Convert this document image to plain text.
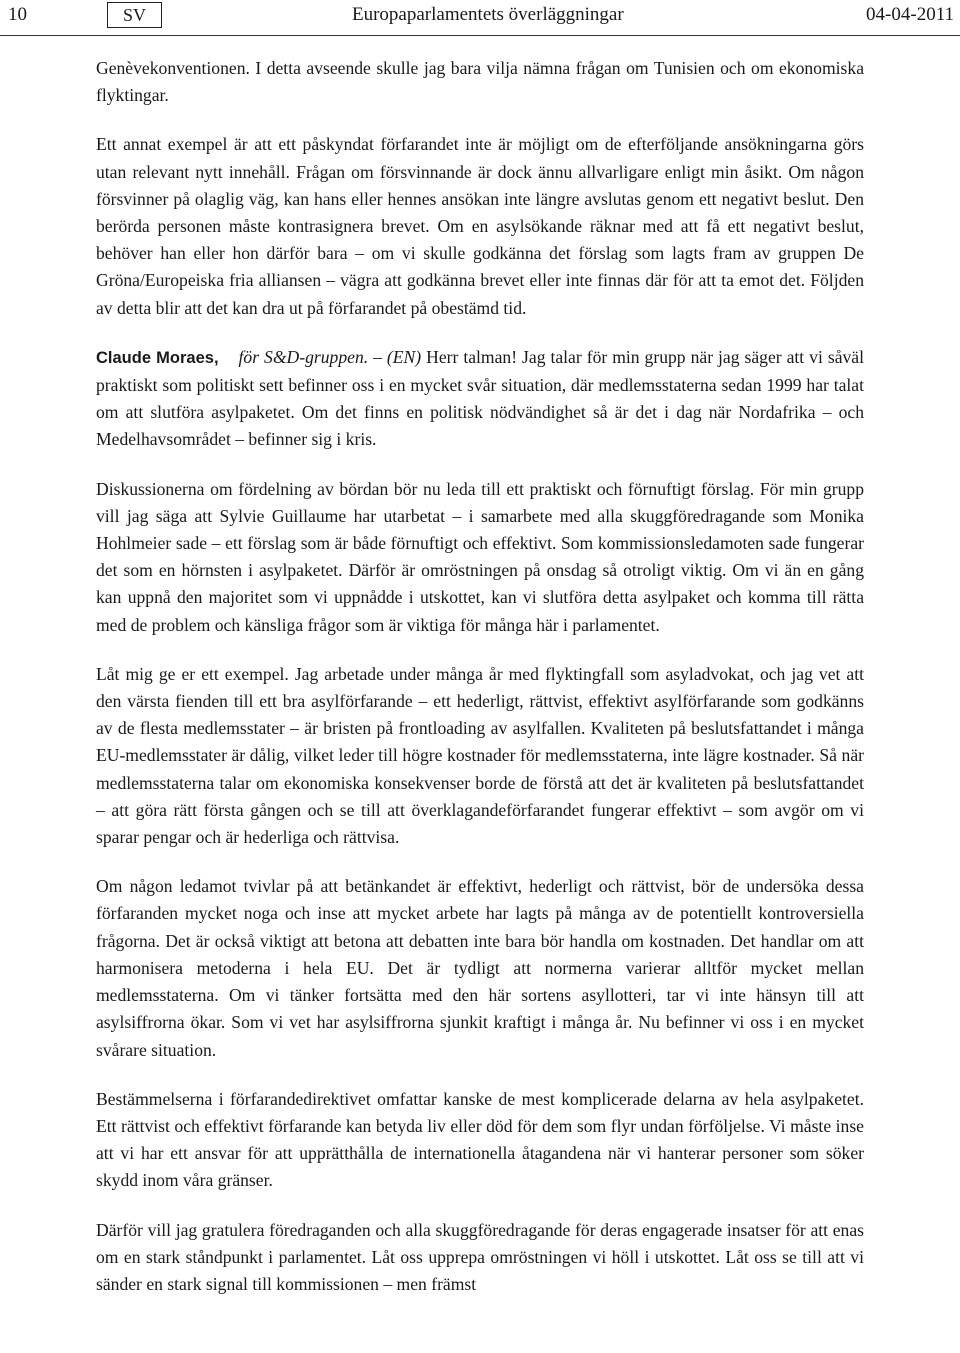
10	SV	Europaparlamentets överläggningar	04-04-2011

Genèvekonventionen. I detta avseende skulle jag bara vilja nämna frågan om Tunisien och om ekonomiska flyktingar.

Ett annat exempel är att ett påskyndat förfarandet inte är möjligt om de efterföljande ansökningarna görs utan relevant nytt innehåll. Frågan om försvinnande är dock ännu allvarligare enligt min åsikt. Om någon försvinner på olaglig väg, kan hans eller hennes ansökan inte längre avslutas genom ett negativt beslut. Den berörda personen måste kontrasignera brevet. Om en asylsökande räknar med att få ett negativt beslut, behöver han eller hon därför bara – om vi skulle godkänna det förslag som lagts fram av gruppen De Gröna/Europeiska fria alliansen – vägra att godkänna brevet eller inte finnas där för att ta emot det. Följden av detta blir att det kan dra ut på förfarandet på obestämd tid.

Claude Moraes, för S&D-gruppen. – (EN) Herr talman! Jag talar för min grupp när jag säger att vi såväl praktiskt som politiskt sett befinner oss i en mycket svår situation, där medlemsstaterna sedan 1999 har talat om att slutföra asylpaketet. Om det finns en politisk nödvändighet så är det i dag när Nordafrika – och Medelhavsområdet – befinner sig i kris.

Diskussionerna om fördelning av bördan bör nu leda till ett praktiskt och förnuftigt förslag. För min grupp vill jag säga att Sylvie Guillaume har utarbetat – i samarbete med alla skuggföredragande som Monika Hohlmeier sade – ett förslag som är både förnuftigt och effektivt. Som kommissionsledamoten sade fungerar det som en hörnsten i asylpaketet. Därför är omröstningen på onsdag så otroligt viktig. Om vi än en gång kan uppnå den majoritet som vi uppnådde i utskottet, kan vi slutföra detta asylpaket och komma till rätta med de problem och känsliga frågor som är viktiga för många här i parlamentet.

Låt mig ge er ett exempel. Jag arbetade under många år med flyktingfall som asyladvokat, och jag vet att den värsta fienden till ett bra asylförfarande – ett hederligt, rättvist, effektivt asylförfarande som godkänns av de flesta medlemsstater – är bristen på frontloading av asylfallen. Kvaliteten på beslutsfattandet i många EU-medlemsstater är dålig, vilket leder till högre kostnader för medlemsstaterna, inte lägre kostnader. Så när medlemsstaterna talar om ekonomiska konsekvenser borde de förstå att det är kvaliteten på beslutsfattandet – att göra rätt första gången och se till att överklagandeförfarandet fungerar effektivt – som avgör om vi sparar pengar och är hederliga och rättvisa.

Om någon ledamot tvivlar på att betänkandet är effektivt, hederligt och rättvist, bör de undersöka dessa förfaranden mycket noga och inse att mycket arbete har lagts på många av de potentiellt kontroversiella frågorna. Det är också viktigt att betona att debatten inte bara bör handla om kostnaden. Det handlar om att harmonisera metoderna i hela EU. Det är tydligt att normerna varierar alltför mycket mellan medlemsstaterna. Om vi tänker fortsätta med den här sortens asyllotteri, tar vi inte hänsyn till att asylsiffrorna ökar. Som vi vet har asylsiffrorna sjunkit kraftigt i många år. Nu befinner vi oss i en mycket svårare situation.

Bestämmelserna i förfarandedirektivet omfattar kanske de mest komplicerade delarna av hela asylpaketet. Ett rättvist och effektivt förfarande kan betyda liv eller död för dem som flyr undan förföljelse. Vi måste inse att vi har ett ansvar för att upprätthålla de internationella åtagandena när vi hanterar personer som söker skydd inom våra gränser.

Därför vill jag gratulera föredraganden och alla skuggföredragande för deras engagerade insatser för att enas om en stark ståndpunkt i parlamentet. Låt oss upprepa omröstningen vi höll i utskottet. Låt oss se till att vi sänder en stark signal till kommissionen – men främst
